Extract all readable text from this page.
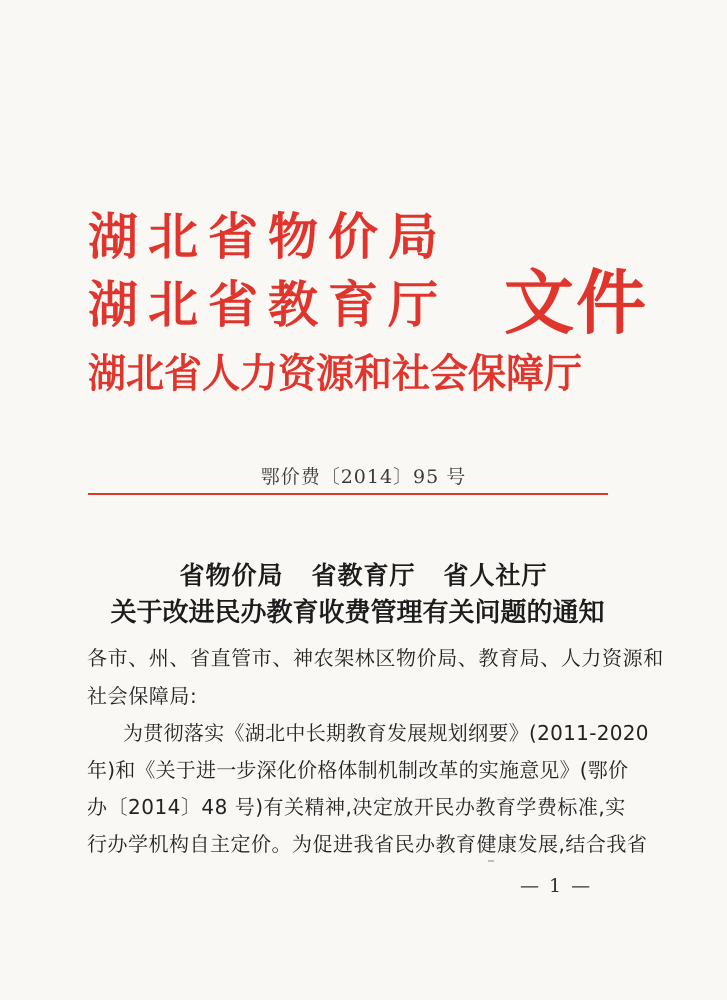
湖北省物价局
湖北省教育厅 文件
湖北省人力资源和社会保障厅
鄂价费〔2014〕95 号
省物价局 省教育厅 省人社厅
关于改进民办教育收费管理有关问题的通知
各市、州、省直管市、神农架林区物价局、教育局、人力资源和
社会保障局:
为贯彻落实《湖北中长期教育发展规划纲要》(2011-2020
年)和《关于进一步深化价格体制机制改革的实施意见》(鄂价
办〔2014〕48 号)有关精神,决定放开民办教育学费标准,实
行办学机构自主定价。为促进我省民办教育健康发展,结合我省
— 1 —
